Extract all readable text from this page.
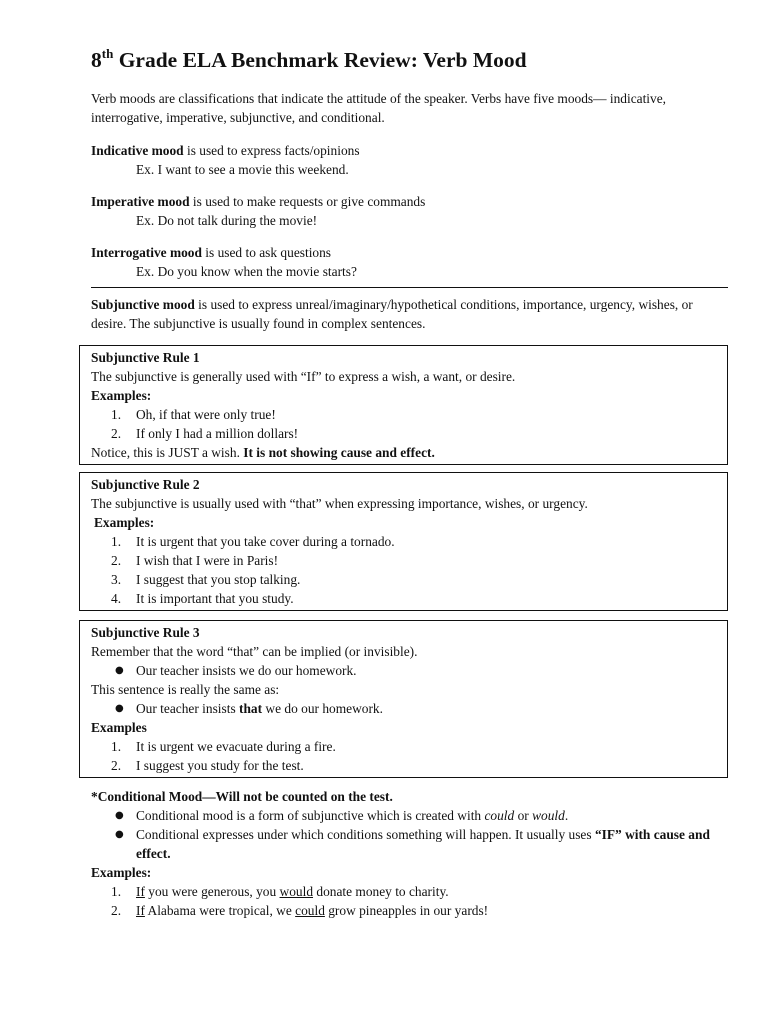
8th Grade ELA Benchmark Review: Verb Mood
Verb moods are classifications that indicate the attitude of the speaker. Verbs have five moods— indicative, interrogative, imperative, subjunctive, and conditional.
Indicative mood is used to express facts/opinions
Ex. I want to see a movie this weekend.
Imperative mood is used to make requests or give commands
Ex. Do not talk during the movie!
Interrogative mood is used to ask questions
Ex. Do you know when the movie starts?
Subjunctive mood is used to express unreal/imaginary/hypothetical conditions, importance, urgency, wishes, or desire. The subjunctive is usually found in complex sentences.
Subjunctive Rule 1
The subjunctive is generally used with “If” to express a wish, a want, or desire.
Examples:
1. Oh, if that were only true!
2. If only I had a million dollars!
Notice, this is JUST a wish. It is not showing cause and effect.
Subjunctive Rule 2
The subjunctive is usually used with “that” when expressing importance, wishes, or urgency.
Examples:
1. It is urgent that you take cover during a tornado.
2. I wish that I were in Paris!
3. I suggest that you stop talking.
4. It is important that you study.
Subjunctive Rule 3
Remember that the word “that” can be implied (or invisible).
● Our teacher insists we do our homework.
This sentence is really the same as:
● Our teacher insists that we do our homework.
Examples
1. It is urgent we evacuate during a fire.
2. I suggest you study for the test.
*Conditional Mood—Will not be counted on the test.
● Conditional mood is a form of subjunctive which is created with could or would.
● Conditional expresses under which conditions something will happen. It usually uses “IF” with cause and effect.
Examples:
1. If you were generous, you would donate money to charity.
2. If Alabama were tropical, we could grow pineapples in our yards!
